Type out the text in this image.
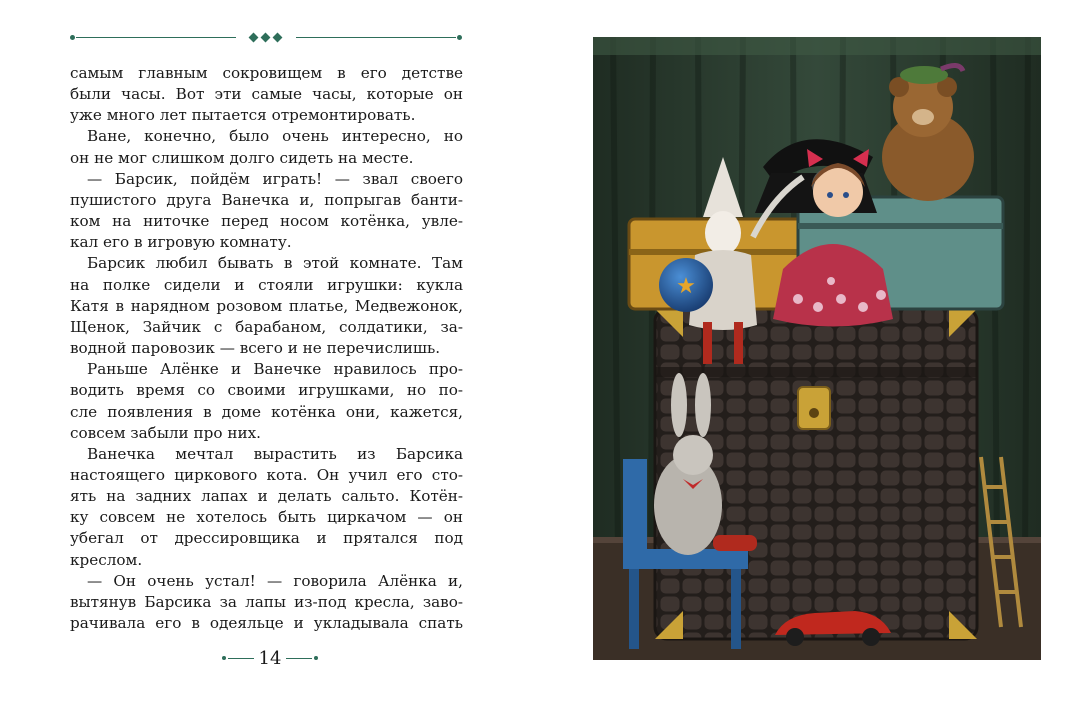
самым главным сокровищем в его детстве

были часы. Вот эти самые часы, которые он

уже много лет пытается отремонтировать.

Ване, конечно, было очень интересно, но

он не мог слишком долго сидеть на месте.

— Барсик, пойдём играть! — звал своего

пушистого друга Ванечка и, попрыгав банти-

ком на ниточке перед носом котёнка, увле-

кал его в игровую комнату.

Барсик любил бывать в этой комнате. Там

на полке сидели и стояли игрушки: кукла

Катя в нарядном розовом платье, Медвежонок,

Щенок, Зайчик с барабаном, солдатики, за-

водной паровозик — всего и не перечислишь.

Раньше Алёнке и Ванечке нравилось про-

водить время со своими игрушками, но по-

сле появления в доме котёнка они, кажется,

совсем забыли про них.

Ванечка мечтал вырастить из Барсика

настоящего циркового кота. Он учил его сто-

ять на задних лапах и делать сальто. Котён-

ку совсем не хотелось быть циркачом — он

убегал от дрессировщика и прятался под

креслом.

— Он очень устал! — говорила Алёнка и,

вытянув Барсика за лапы из-под кресла, заво-

рачивала его в одеяльце и укладывала спать

14
★
